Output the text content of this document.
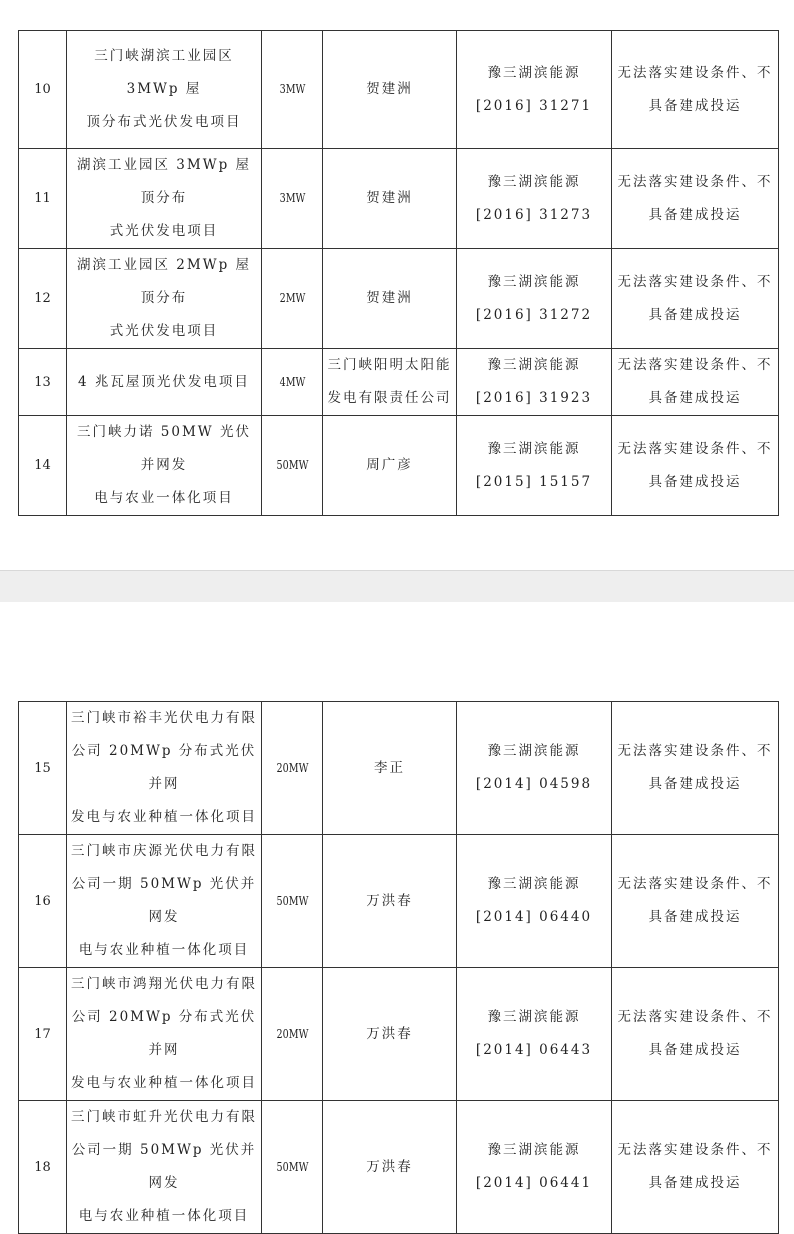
10	三门峡湖滨工业园区 3MWp 屋
顶分布式光伏发电项目	3MW	贺建洲	豫三湖滨能源
[2016] 31271	无法落实建设条件、不
具备建成投运
11	湖滨工业园区 3MWp 屋顶分布
式光伏发电项目	3MW	贺建洲	豫三湖滨能源
[2016] 31273	无法落实建设条件、不
具备建成投运
12	湖滨工业园区 2MWp 屋顶分布
式光伏发电项目	2MW	贺建洲	豫三湖滨能源
[2016] 31272	无法落实建设条件、不
具备建成投运
13	4 兆瓦屋顶光伏发电项目	4MW	三门峡阳明太阳能
发电有限责任公司	豫三湖滨能源
[2016] 31923	无法落实建设条件、不
具备建成投运
14	三门峡力诺 50MW 光伏并网发
电与农业一体化项目	50MW	周广彦	豫三湖滨能源
[2015] 15157	无法落实建设条件、不
具备建成投运
15	三门峡市裕丰光伏电力有限
公司 20MWp 分布式光伏并网
发电与农业种植一体化项目	20MW	李正	豫三湖滨能源
[2014] 04598	无法落实建设条件、不
具备建成投运
16	三门峡市庆源光伏电力有限
公司一期 50MWp 光伏并网发
电与农业种植一体化项目	50MW	万洪春	豫三湖滨能源
[2014] 06440	无法落实建设条件、不
具备建成投运
17	三门峡市鸿翔光伏电力有限
公司 20MWp 分布式光伏并网
发电与农业种植一体化项目	20MW	万洪春	豫三湖滨能源
[2014] 06443	无法落实建设条件、不
具备建成投运
18	三门峡市虹升光伏电力有限
公司一期 50MWp 光伏并网发
电与农业种植一体化项目	50MW	万洪春	豫三湖滨能源
[2014] 06441	无法落实建设条件、不
具备建成投运
